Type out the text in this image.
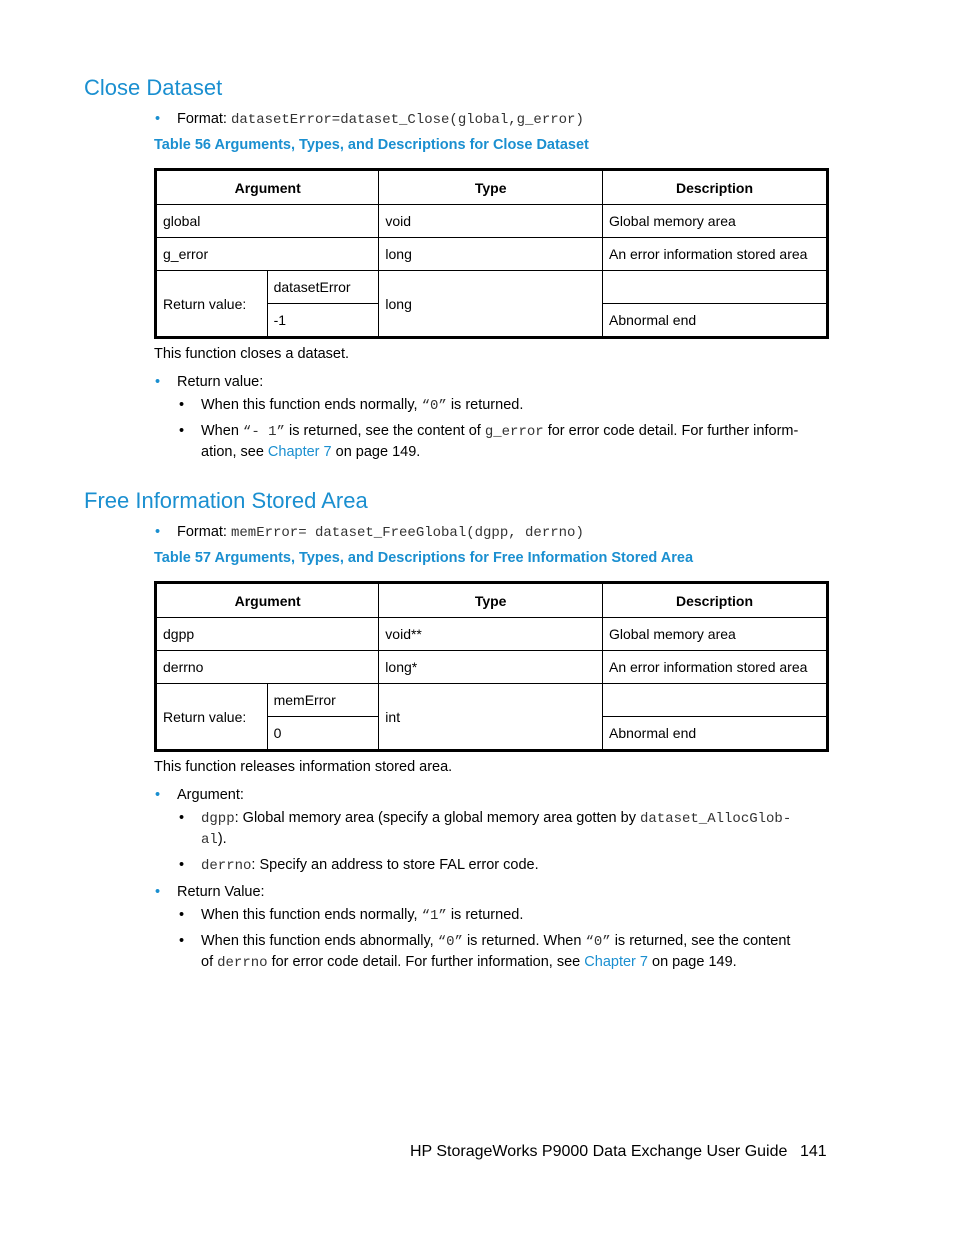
Close Dataset
• Format: datasetError=dataset_Close(global,g_error)
Table 56 Arguments, Types, and Descriptions for Close Dataset
Argument		Type	Description
global		void	Global memory area
g_error		long	An error information stored area
Return value:	datasetError	long	
	-1		Abnormal end
This function closes a dataset.
• Return value:
• When this function ends normally, “0” is returned.
• When “- 1” is returned, see the content of g_error for error code detail. For further inform-
ation, see Chapter 7 on page 149.
Free Information Stored Area
• Format: memError= dataset_FreeGlobal(dgpp, derrno)
Table 57 Arguments, Types, and Descriptions for Free Information Stored Area
Argument		Type	Description
dgpp		void**	Global memory area
derrno		long*	An error information stored area
Return value:	memError	int	
	0		Abnormal end
This function releases information stored area.
• Argument:
• dgpp: Global memory area (specify a global memory area gotten by dataset_AllocGlob-
al).
• derrno: Specify an address to store FAL error code.
• Return Value:
• When this function ends normally, “1” is returned.
• When this function ends abnormally, “0” is returned. When “0” is returned, see the content
of derrno for error code detail. For further information, see Chapter 7 on page 149.
HP StorageWorks P9000 Data Exchange User Guide 141
